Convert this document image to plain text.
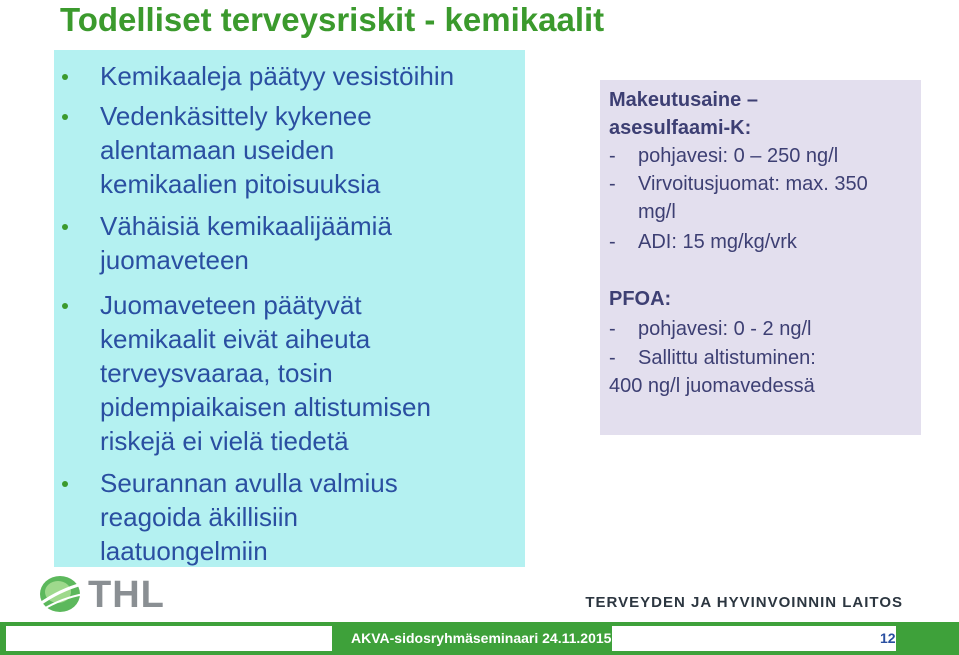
Todelliset terveysriskit - kemikaalit
Kemikaaleja päätyy vesistöihin
Vedenkäsittely kykenee
alentamaan useiden
kemikaalien pitoisuuksia
Vähäisiä kemikaalijäämiä
juomaveteen
Juomaveteen päätyvät
kemikaalit eivät aiheuta
terveysvaaraa, tosin
pidempiaikaisen altistumisen
riskejä ei vielä tiedetä
Seurannan avulla valmius
reagoida äkillisiin
laatuongelmiin
Makeutusaine –
asesulfaami-K:
- pohjavesi: 0 – 250 ng/l
- Virvoitusjuomat: max. 350
mg/l
- ADI: 15 mg/kg/vrk
PFOA:
- pohjavesi: 0 - 2 ng/l
- Sallittu altistuminen:
400 ng/l juomavedessä
THL	TERVEYDEN JA HYVINVOINNIN LAITOS
AKVA-sidosryhmäseminaari 24.11.2015	12
